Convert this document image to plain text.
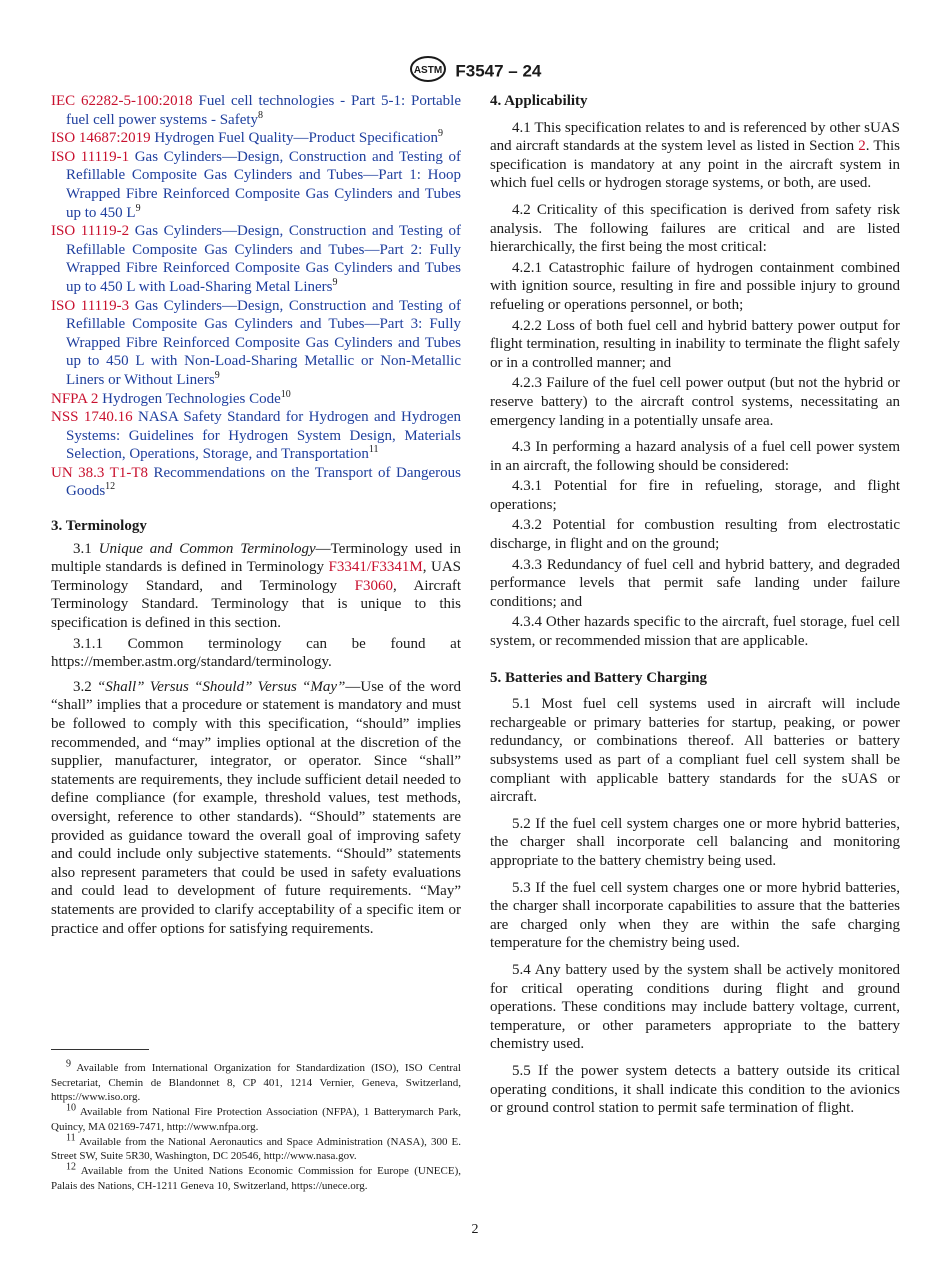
ASTM F3547 – 24

IEC 62282-5-100:2018 Fuel cell technologies - Part 5-1: Portable fuel cell power systems - Safety$^8$

ISO 14687:2019 Hydrogen Fuel Quality—Product Specification$^9$

ISO 11119-1 Gas Cylinders—Design, Construction and Testing of Refillable Composite Gas Cylinders and Tubes—Part 1: Hoop Wrapped Fibre Reinforced Composite Gas Cylinders and Tubes up to 450 $L^9$

ISO 11119-2 Gas Cylinders—Design, Construction and Testing of Refillable Composite Gas Cylinders and Tubes—Part 2: Fully Wrapped Fibre Reinforced Composite Gas Cylinders and Tubes up to 450 L with Load-Sharing Metal Liners$^9$

ISO 11119-3 Gas Cylinders—Design, Construction and Testing of Refillable Composite Gas Cylinders and Tubes—Part 3: Fully Wrapped Fibre Reinforced Composite Gas Cylinders and Tubes up to 450 L with Non-Load-Sharing Metallic or Non-Metallic Liners or Without Liners$^9$

NFPA 2 Hydrogen Technologies Code$^{10}$

NSS 1740.16 NASA Safety Standard for Hydrogen and Hydrogen Systems: Guidelines for Hydrogen System Design, Materials Selection, Operations, Storage, and Transportation$^{11}$

UN 38.3 T1-T8 Recommendations on the Transport of Dangerous Goods$^{12}$

3. Terminology

3.1 Unique and Common Terminology—Terminology used in multiple standards is defined in Terminology F3341/F3341M, UAS Terminology Standard, and Terminology F3060, Aircraft Terminology Standard. Terminology that is unique to this specification is defined in this section.

3.1.1 Common terminology can be found at https://member.astm.org/standard/terminology.

3.2 “Shall” Versus “Should” Versus “May”—Use of the word “shall” implies that a procedure or statement is mandatory and must be followed to comply with this specification, “should” implies recommended, and “may” implies optional at the discretion of the supplier, manufacturer, integrator, or operator. Since “shall” statements are requirements, they include sufficient detail needed to define compliance (for example, threshold values, test methods, oversight, reference to other standards). “Should” statements are provided as guidance toward the overall goal of improving safety and could include only subjective statements. “Should” statements also represent parameters that could be used in safety evaluations and could lead to development of future requirements. “May” statements are provided to clarify acceptability of a specific item or practice and offer options for satisfying requirements.

4. Applicability

4.1 This specification relates to and is referenced by other sUAS and aircraft standards at the system level as listed in Section 2. This specification is mandatory at any point in the aircraft system in which fuel cells or hydrogen storage systems, or both, are used.

4.2 Criticality of this specification is derived from safety risk analysis. The following failures are critical and are listed hierarchically, the first being the most critical:

4.2.1 Catastrophic failure of hydrogen containment combined with ignition source, resulting in fire and possible injury to ground refueling or operations personnel, or both;

4.2.2 Loss of both fuel cell and hybrid battery power output for flight termination, resulting in inability to terminate the flight safely or in a controlled manner; and

4.2.3 Failure of the fuel cell power output (but not the hybrid or reserve battery) to the aircraft control systems, necessitating an emergency landing in a potentially unsafe area.

4.3 In performing a hazard analysis of a fuel cell power system in an aircraft, the following should be considered:

4.3.1 Potential for fire in refueling, storage, and flight operations;

4.3.2 Potential for combustion resulting from electrostatic discharge, in flight and on the ground;

4.3.3 Redundancy of fuel cell and hybrid battery, and degraded performance levels that permit safe landing under failure conditions; and

4.3.4 Other hazards specific to the aircraft, fuel storage, fuel cell system, or recommended mission that are applicable.

5. Batteries and Battery Charging

5.1 Most fuel cell systems used in aircraft will include rechargeable or primary batteries for startup, peaking, or power redundancy, or combinations thereof. All batteries or battery subsystems used as part of a compliant fuel cell system shall be compliant with applicable battery standards for the sUAS or aircraft.

5.2 If the fuel cell system charges one or more hybrid batteries, the charger shall incorporate cell balancing and monitoring appropriate to the battery chemistry being used.

5.3 If the fuel cell system charges one or more hybrid batteries, the charger shall incorporate capabilities to assure that the batteries are charged only when they are within the safe charging temperature for the chemistry being used.

5.4 Any battery used by the system shall be actively monitored for critical operating conditions during flight and ground operations. These conditions may include battery voltage, current, temperature, or other parameters appropriate to the battery chemistry used.

5.5 If the power system detects a battery outside its critical operating conditions, it shall indicate this condition to the avionics or ground control station to permit safe termination of flight.

$^9$ Available from International Organization for Standardization (ISO), ISO Central Secretariat, Chemin de Blandonnet 8, CP 401, 1214 Vernier, Geneva, Switzerland, https://www.iso.org.

$^{10}$ Available from National Fire Protection Association (NFPA), 1 Batterymarch Park, Quincy, MA 02169-7471, http://www.nfpa.org.

$^{11}$ Available from the National Aeronautics and Space Administration (NASA), 300 E. Street SW, Suite 5R30, Washington, DC 20546, http://www.nasa.gov.

$^{12}$ Available from the United Nations Economic Commission for Europe (UNECE), Palais des Nations, CH-1211 Geneva 10, Switzerland, https://unece.org.

2
